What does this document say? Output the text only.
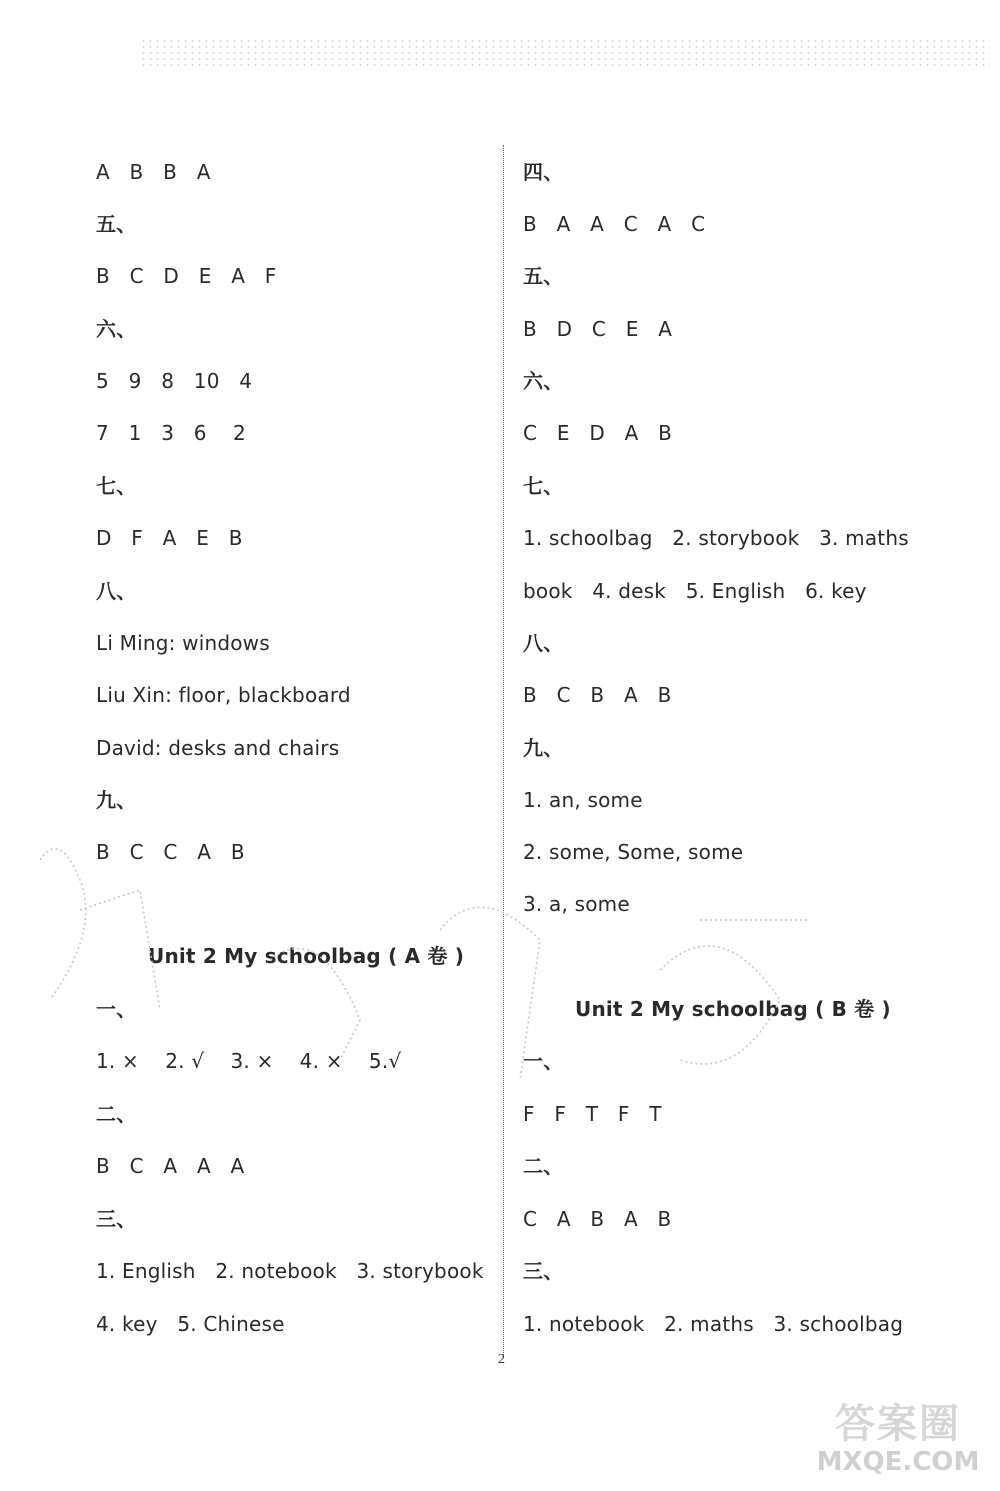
A   B   B   A
五、
B   C   D   E   A   F
六、
5   9   8   10   4
7   1   3   6    2
七、
D   F   A   E   B
八、
Li Ming: windows
Liu Xin: floor, blackboard
David: desks and chairs
九、
B   C   C   A   B
Unit 2 My schoolbag ( A 卷 )
一、
1. ×    2. √    3. ×    4. ×    5.√
二、
B   C   A   A   A
三、
1. English   2. notebook   3. storybook
4. key   5. Chinese
四、
B   A   A   C   A   C
五、
B   D   C   E   A
六、
C   E   D   A   B
七、
1. schoolbag   2. storybook   3. maths
book   4. desk   5. English   6. key
八、
B   C   B   A   B
九、
1. an, some
2. some, Some, some
3. a, some
Unit 2 My schoolbag ( B 卷 )
一、
F   F   T   F   T
二、
C   A   B   A   B
三、
1. notebook   2. maths   3. schoolbag
2
答案圈
MXQE.COM
